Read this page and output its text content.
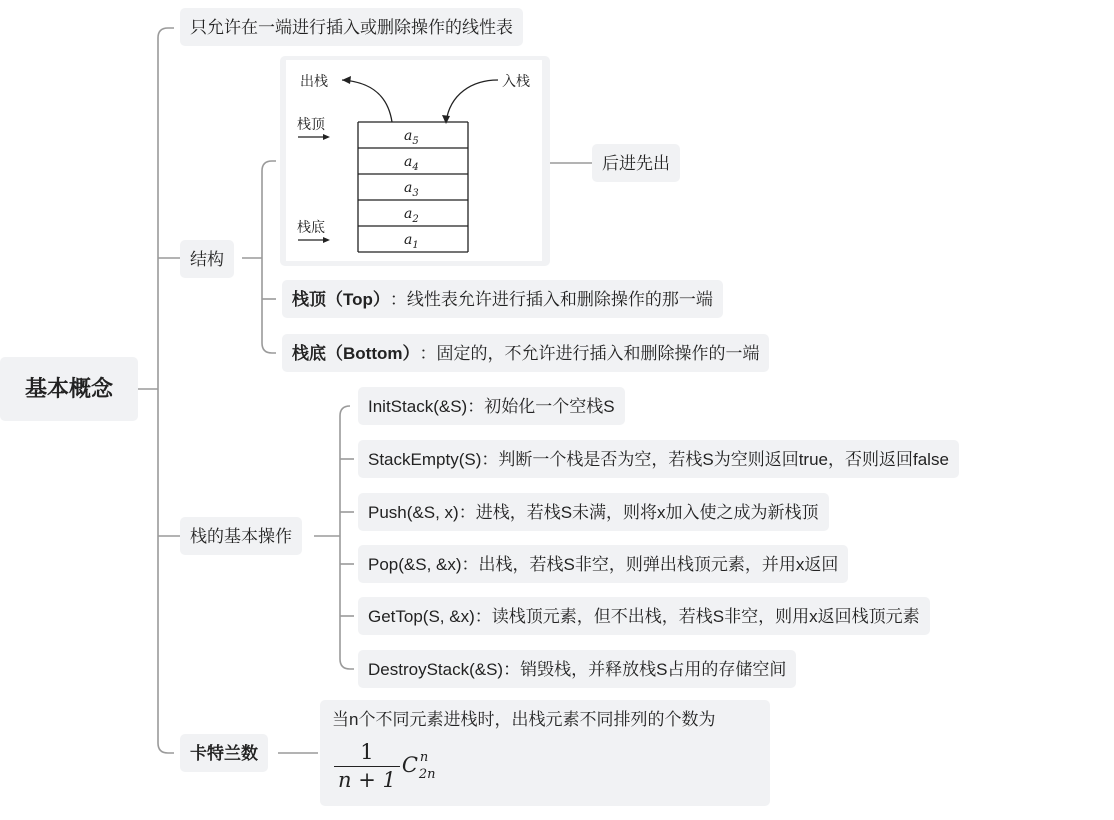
基本概念
只允许在一端进行插入或删除操作的线性表
结构
出栈	入栈
栈顶
栈底
$a_5$
$a_4$
$a_3$
$a_2$
$a_1$
后进先出
栈顶（Top） ：线性表允许进行插入和删除操作的那一端
栈底（Bottom） ：固定的，不允许进行插入和删除操作的一端
栈的基本操作
InitStack(&S)：初始化一个空栈S
StackEmpty(S)：判断一个栈是否为空，若栈S为空则返回true，否则返回false
Push(&S, x)：进栈，若栈S未满，则将x加入使之成为新栈顶
Pop(&S, &x)：出栈，若栈S非空，则弹出栈顶元素，并用x返回
GetTop(S, &x)：读栈顶元素，但不出栈，若栈S非空，则用x返回栈顶元素
DestroyStack(&S)：销毁栈，并释放栈S占用的存储空间
卡特兰数
当n个不同元素进栈时，出栈元素不同排列的个数为
1
n + 1
C n
2n
